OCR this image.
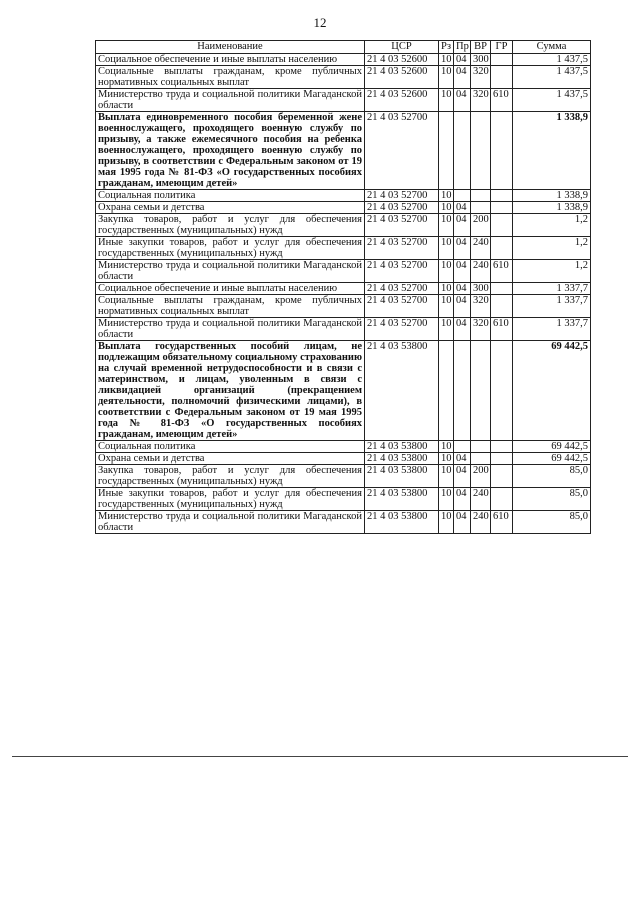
12
Наименование	ЦСР	Рз	Пр	ВР	ГР	Сумма
Социальное обеспечение и иные выплаты населению	21 4 03 52600	10	04	300		1 437,5
Социальные выплаты гражданам, кроме публичных нормативных социальных выплат	21 4 03 52600	10	04	320		1 437,5
Министерство труда и социальной политики Магаданской области	21 4 03 52600	10	04	320	610	1 437,5
Выплата единовременного пособия беременной жене военнослужащего, проходящего военную службу по призыву, а также ежемесячного пособия на ребенка военнослужащего, проходящего военную службу по призыву, в соответствии с Федеральным законом от 19 мая 1995 года № 81-ФЗ «О государственных пособиях гражданам, имеющим детей»	21 4 03 52700					1 338,9
Социальная политика	21 4 03 52700	10				1 338,9
Охрана семьи и детства	21 4 03 52700	10	04			1 338,9
Закупка товаров, работ и услуг для обеспечения государственных (муниципальных) нужд	21 4 03 52700	10	04	200		1,2
Иные закупки товаров, работ и услуг для обеспечения государственных (муниципальных) нужд	21 4 03 52700	10	04	240		1,2
Министерство труда и социальной политики Магаданской области	21 4 03 52700	10	04	240	610	1,2
Социальное обеспечение и иные выплаты населению	21 4 03 52700	10	04	300		1 337,7
Социальные выплаты гражданам, кроме публичных нормативных социальных выплат	21 4 03 52700	10	04	320		1 337,7
Министерство труда и социальной политики Магаданской области	21 4 03 52700	10	04	320	610	1 337,7
Выплата государственных пособий лицам, не подлежащим обязательному социальному страхованию на случай временной нетрудоспособности и в связи с материнством, и лицам, уволенным в связи с ликвидацией организаций (прекращением деятельности, полномочий физическими лицами), в соответствии с Федеральным законом от 19 мая 1995 года № 81-ФЗ «О государственных пособиях гражданам, имеющим детей»	21 4 03 53800					69 442,5
Социальная политика	21 4 03 53800	10				69 442,5
Охрана семьи и детства	21 4 03 53800	10	04			69 442,5
Закупка товаров, работ и услуг для обеспечения государственных (муниципальных) нужд	21 4 03 53800	10	04	200		85,0
Иные закупки товаров, работ и услуг для обеспечения государственных (муниципальных) нужд	21 4 03 53800	10	04	240		85,0
Министерство труда и социальной политики Магаданской области	21 4 03 53800	10	04	240	610	85,0
